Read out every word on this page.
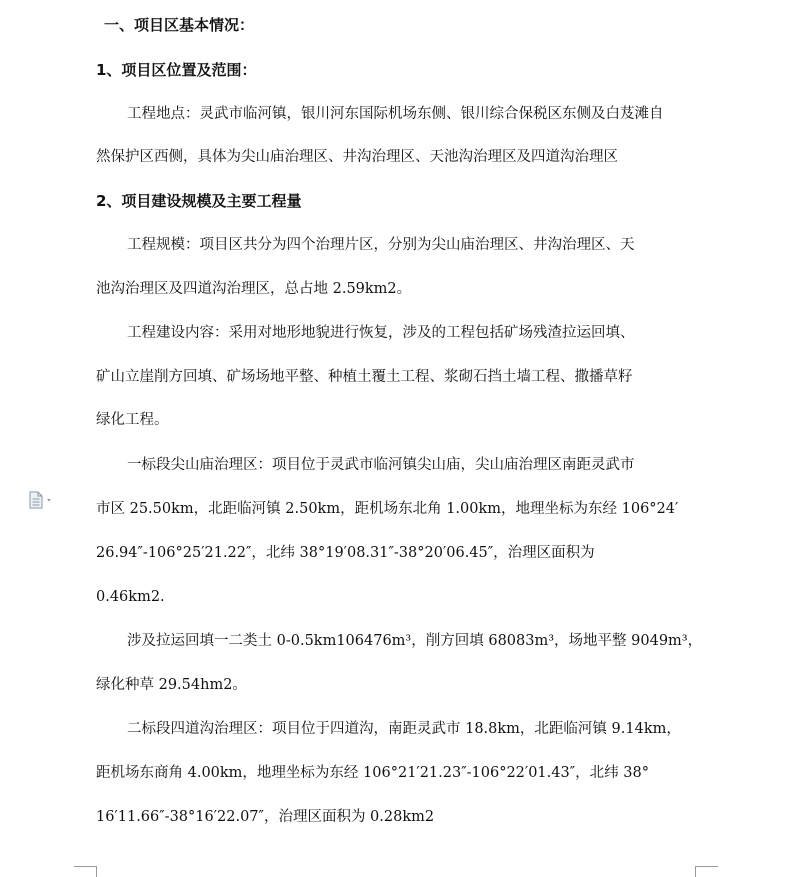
一、项目区基本情况：
1、项目区位置及范围：
工程地点：灵武市临河镇，银川河东国际机场东侧、银川综合保税区东侧及白芨滩自
然保护区西侧，具体为尖山庙治理区、井沟治理区、天池沟治理区及四道沟治理区
2、项目建设规模及主要工程量
工程规模：项目区共分为四个治理片区，分别为尖山庙治理区、井沟治理区、天
池沟治理区及四道沟治理区，总占地 2.59km2。
工程建设内容：采用对地形地貌进行恢复，涉及的工程包括矿场残渣拉运回填、
矿山立崖削方回填、矿场场地平整、种植土覆土工程、浆砌石挡土墙工程、撒播草籽
绿化工程。
一标段尖山庙治理区：项目位于灵武市临河镇尖山庙，尖山庙治理区南距灵武市
市区 25.50km，北距临河镇 2.50km，距机场东北角 1.00km，地理坐标为东经 106°24′
26.94″-106°25′21.22″，北纬 38°19′08.31″-38°20′06.45″，治理区面积为
0.46km2.
涉及拉运回填一二类土 0-0.5km106476m³，削方回填 68083m³，场地平整 9049m³，
绿化种草 29.54hm2。
二标段四道沟治理区：项目位于四道沟，南距灵武市 18.8km，北距临河镇 9.14km，
距机场东商角 4.00km，地理坐标为东经 106°21′21.23″-106°22′01.43″，北纬 38°
16′11.66″-38°16′22.07″，治理区面积为 0.28km2
